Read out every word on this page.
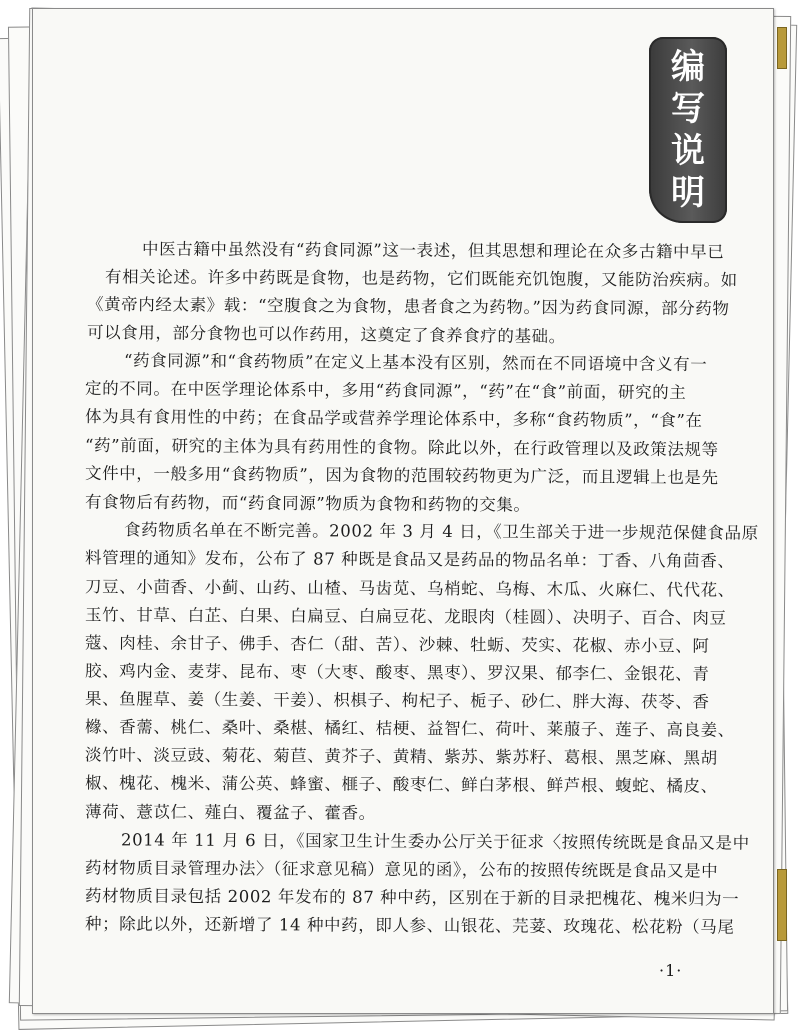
编
写
说
明

中医古籍中虽然没有“药食同源”这一表述，但其思想和理论在众多古籍中早已

有相关论述。许多中药既是食物，也是药物，它们既能充饥饱腹，又能防治疾病。如

《黄帝内经太素》载：“空腹食之为食物，患者食之为药物。”因为药食同源，部分药物

可以食用，部分食物也可以作药用，这奠定了食养食疗的基础。

“药食同源”和“食药物质”在定义上基本没有区别，然而在不同语境中含义有一

定的不同。在中医学理论体系中，多用“药食同源”，“药”在“食”前面，研究的主

体为具有食用性的中药；在食品学或营养学理论体系中，多称“食药物质”，“食”在

“药”前面，研究的主体为具有药用性的食物。除此以外，在行政管理以及政策法规等

文件中，一般多用“食药物质”，因为食物的范围较药物更为广泛，而且逻辑上也是先

有食物后有药物，而“药食同源”物质为食物和药物的交集。

食药物质名单在不断完善。2002 年 3 月 4 日，《卫生部关于进一步规范保健食品原

料管理的通知》发布，公布了 87 种既是食品又是药品的物品名单：丁香、八角茴香、

刀豆、小茴香、小蓟、山药、山楂、马齿苋、乌梢蛇、乌梅、木瓜、火麻仁、代代花、

玉竹、甘草、白芷、白果、白扁豆、白扁豆花、龙眼肉（桂圆）、决明子、百合、肉豆

蔻、肉桂、余甘子、佛手、杏仁（甜、苦）、沙棘、牡蛎、芡实、花椒、赤小豆、阿

胶、鸡内金、麦芽、昆布、枣（大枣、酸枣、黑枣）、罗汉果、郁李仁、金银花、青

果、鱼腥草、姜（生姜、干姜）、枳椇子、枸杞子、栀子、砂仁、胖大海、茯苓、香

橼、香薷、桃仁、桑叶、桑椹、橘红、桔梗、益智仁、荷叶、莱菔子、莲子、高良姜、

淡竹叶、淡豆豉、菊花、菊苣、黄芥子、黄精、紫苏、紫苏籽、葛根、黑芝麻、黑胡

椒、槐花、槐米、蒲公英、蜂蜜、榧子、酸枣仁、鲜白茅根、鲜芦根、蝮蛇、橘皮、

薄荷、薏苡仁、薤白、覆盆子、藿香。

2014 年 11 月 6 日，《国家卫生计生委办公厅关于征求〈按照传统既是食品又是中

药材物质目录管理办法〉（征求意见稿）意见的函》，公布的按照传统既是食品又是中

药材物质目录包括 2002 年发布的 87 种中药，区别在于新的目录把槐花、槐米归为一

种；除此以外，还新增了 14 种中药，即人参、山银花、芫荽、玫瑰花、松花粉（马尾

·1·
